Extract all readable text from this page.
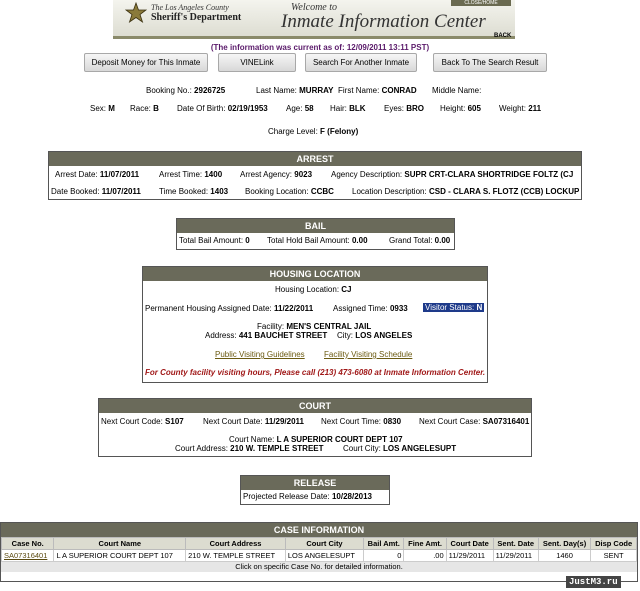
The Los Angeles County
Sheriff's Department
Welcome to
Inmate Information Center
CLOSE/HOME
BACK
(The information was current as of: 12/09/2011 13:11 PST)
Deposit Money for This Inmate	VINELink	Search For Another Inmate	Back To The Search Result
Booking No.: 2926725	Last Name: MURRAY First Name: CONRAD Middle Name:
Sex: M Race: B Date Of Birth: 02/19/1953 Age: 58 Hair: BLK Eyes: BRO Height: 605 Weight: 211
Charge Level: F (Felony)
ARREST
Arrest Date: 11/07/2011 Arrest Time: 1400 Arrest Agency: 9023 Agency Description: SUPR CRT-CLARA SHORTRIDGE FOLTZ (CJ
Date Booked: 11/07/2011 Time Booked: 1403 Booking Location: CCBC Location Description: CSD - CLARA S. FLOTZ (CCB) LOCKUP
BAIL
Total Bail Amount: 0 Total Hold Bail Amount: 0.00	Grand Total: 0.00
HOUSING LOCATION
Housing Location: CJ
Permanent Housing Assigned Date: 11/22/2011 Assigned Time: 0933 Visitor Status: N
Facility: MEN'S CENTRAL JAIL
Address: 441 BAUCHET STREET City: LOS ANGELES
Public Visiting Guidelines Facility Visiting Schedule
For County facility visiting hours, Please call (213) 473-6080 at Inmate Information Center.
COURT
Next Court Code: S107 Next Court Date: 11/29/2011 Next Court Time: 0830 Next Court Case: SA07316401
Court Name: L A SUPERIOR COURT DEPT 107
Court Address: 210 W. TEMPLE STREET Court City: LOS ANGELESUPT
RELEASE
Projected Release Date: 10/28/2013
CASE INFORMATION
Case No.	Court Name	Court Address	Court City	Bail Amt.	Fine Amt.	Court Date	Sent. Date	Sent. Day(s)	Disp Code
SA07316401	L A SUPERIOR COURT DEPT 107	210 W. TEMPLE STREET	LOS ANGELESUPT	0	.00	11/29/2011	11/29/2011	1460	SENT
Click on specific Case No. for detailed information.
JustM3.ru
